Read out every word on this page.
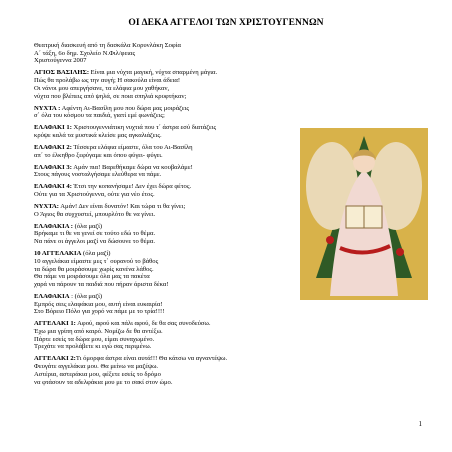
ΟΙ ΔΕΚΑ ΑΓΓΕΛΟΙ ΤΩΝ ΧΡΙΣΤΟΥΓΕΝΝΩΝ

Θεατρική διασκευή από τη δασκάλα Κορυνλάκη Σοφία
Α΄ τάξη, 6ο δημ. Σχολείο Ν.Φιλ/φειας
Χριστούγεννα 2007

ΑΓΙΟΣ ΒΑΣΙΛΗΣ: Είναι μια νύχτα μαγική, νύχτα σπαρμένη μάγια.
Πώς θα προλάβω ως την αυγή; Η σακούλα είναι άδεια!
Οι νάνοι μου απεργήσανε, τα ελάφια μου χαθήκαν,
νύχτα που βλέπεις από ψηλά, σε ποια σπηλιά κρυφτήκαν;

ΝΥΧΤΑ : Αφέντη Αι-Βασίλη μου που δώρα μας μοιράζεις
σ΄ όλα του κόσμου τα παιδιά, γιατί εμέ φωνάζεις;

ΕΛΑΦΑΚΙ 1: Χριστουγεννιάτικη νυχτιά που τ΄ άστρα εσύ διατάζεις
κρύψε καλά τα μυστικά κλείσε μας αγκαλιάζεις.

ΕΛΑΦΑΚΙ 2: Τέσσερα ελάφια είμαστε, όλα του Αι-Βασίλη
απ΄ το έλκηθρο ξεφύγαμε και όπου φύγει- φύγει.

ΕΛΑΦΑΚΙ 3: Αμάν πια! Βαρεθήκαμε δώρα να κουβαλάμε!
Στους πάγους νοσταλγήσαμε ελεύθερα να πάμε.

ΕΛΑΦΑΚΙ 4: Έτσι την κοπανήσαμε! Δεν έχει δώρα φέτος.
Ούτε για τα Χριστούγεννα, ούτε για νέο έτος.

ΝΥΧΤΑ: Αμάν! Δεν είναι δυνατόν! Και τώρα τι θα γίνει;
Ο Άγιος θα συχχυστεί, μπουρλότο θε να γίνει.

ΕΛΑΦΑΚΙΑ : (όλα μαζί)
Βρήκαμε τι θε να γενεί σε τούτο εδώ το θέμα.
Να πάνε οι άγγελοι μαζί να δώσουνε το θέμα.

10 ΑΓΓΕΛΑΚΙΑ (όλα μαζί)
10 αγγελάκια είμαστε μες τ΄ ουρανού το βάθος
τα δώρα θα μοιράσουμε χωρίς κανένα λάθος.
Θα πάμε να μοιράσουμε όλα μας τα πακέτα
χαρά να πάρουν τα παιδιά που πήραν άριστα δέκα!

ΕΛΑΦΑΚΙΑ : (όλα μαζί)
Εμπρός σεις ελαφάκια μου, αυτή είναι ευκαιρία!
Στο Βόρειο Πόλο για χορό να πάμε με το τρία!!!!

ΑΓΓΕΛΑΚΙ 1: Αφού, αφού και πάλι αφού, δε θα σας συνοδεύσω.
Έχω μια γρίπη από καιρό. Νομίζω δε θα αντέξω.
Πάρτε εσείς τα δώρα μου, είμαι συναχωμένο.
Τρεχάτε να προλάβετε κι εγώ σας περιμένω.

ΑΓΓΕΛΑΚΙ 2:Τι όμορφα άστρα είναι αυτά!!! Θα κάτσω να αγναντέψω.
Φευγάτε αγγελάκια μου. Θα μείνω να μαζέψω.
Αστέρια, αστεράκια μου, φέξετε εσείς το δρόμο
να φτάσουν τα αδελφάκια μου με το σακί στον ώμο.

1
